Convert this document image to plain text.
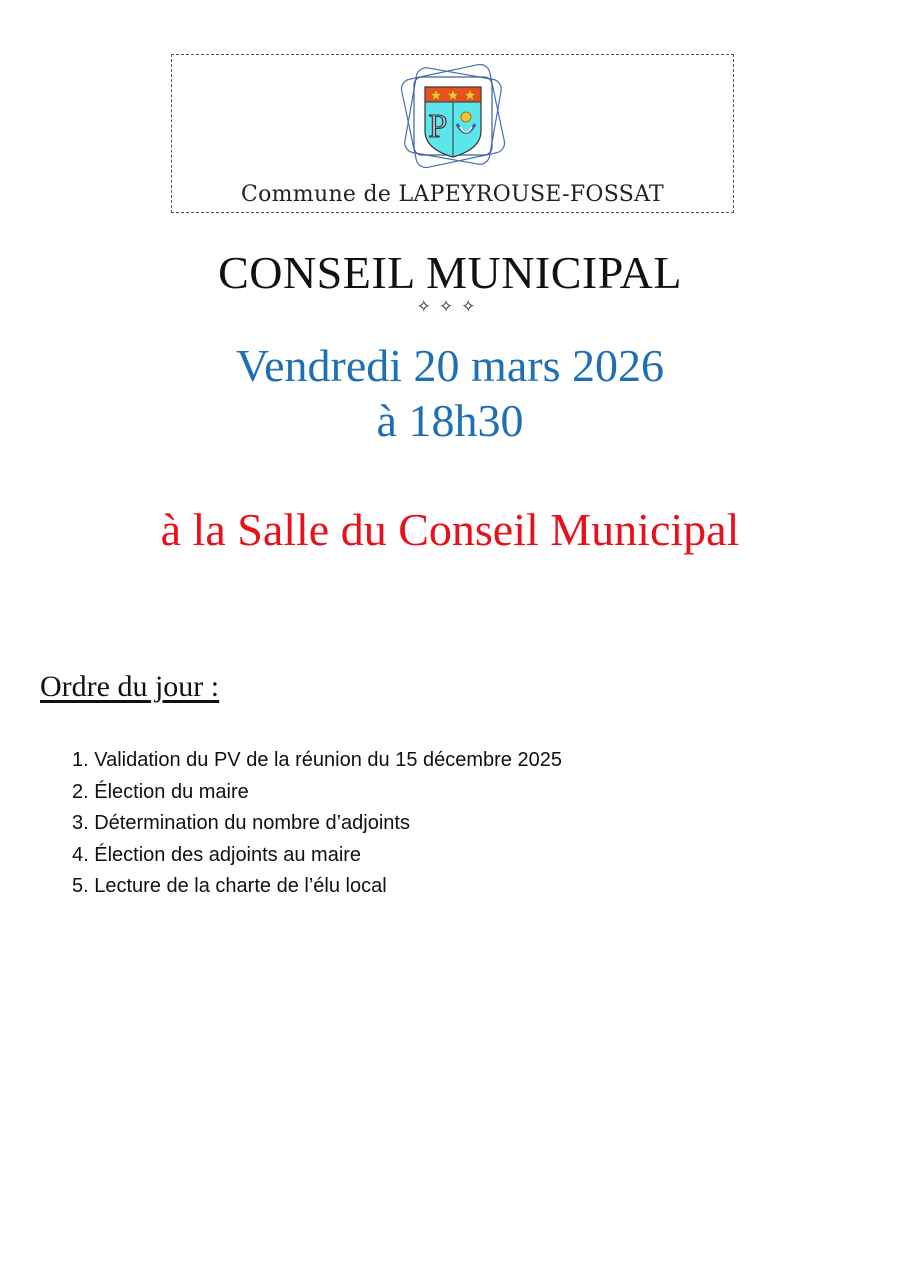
P
Commune de LAPEYROUSE-FOSSAT
CONSEIL MUNICIPAL
✧✧✧
Vendredi 20 mars 2026
à 18h30
à la Salle du Conseil Municipal
Ordre du jour :
1. Validation du PV de la réunion du 15 décembre 2025
2. Élection du maire
3. Détermination du nombre d’adjoints
4. Élection des adjoints au maire
5. Lecture de la charte de l’élu local
